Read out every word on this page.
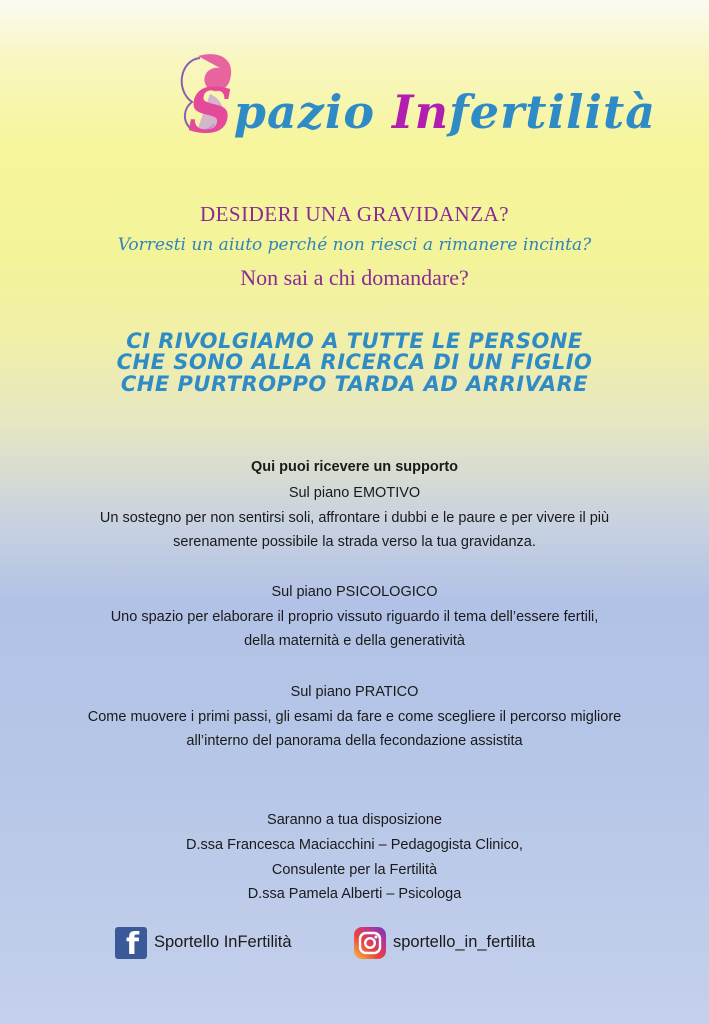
Spazio Infertilità
DESIDERI UNA GRAVIDANZA?
Vorresti un aiuto perché non riesci a rimanere incinta?
Non sai a chi domandare?
CI RIVOLGIAMO A TUTTE LE PERSONE
CHE SONO ALLA RICERCA DI UN FIGLIO
CHE PURTROPPO TARDA AD ARRIVARE
Qui puoi ricevere un supporto
Sul piano EMOTIVO
Un sostegno per non sentirsi soli, affrontare i dubbi e le paure e per vivere il più
serenamente possibile la strada verso la tua gravidanza.
Sul piano PSICOLOGICO
Uno spazio per elaborare il proprio vissuto riguardo il tema dell’essere fertili,
della maternità e della generatività
Sul piano PRATICO
Come muovere i primi passi, gli esami da fare e come scegliere il percorso migliore
all’interno del panorama della fecondazione assistita
Saranno a tua disposizione
D.ssa Francesca Maciacchini – Pedagogista Clinico,
Consulente per la Fertilità
D.ssa Pamela Alberti – Psicologa
f Sportello InFertilità	sportello_in_fertilita
